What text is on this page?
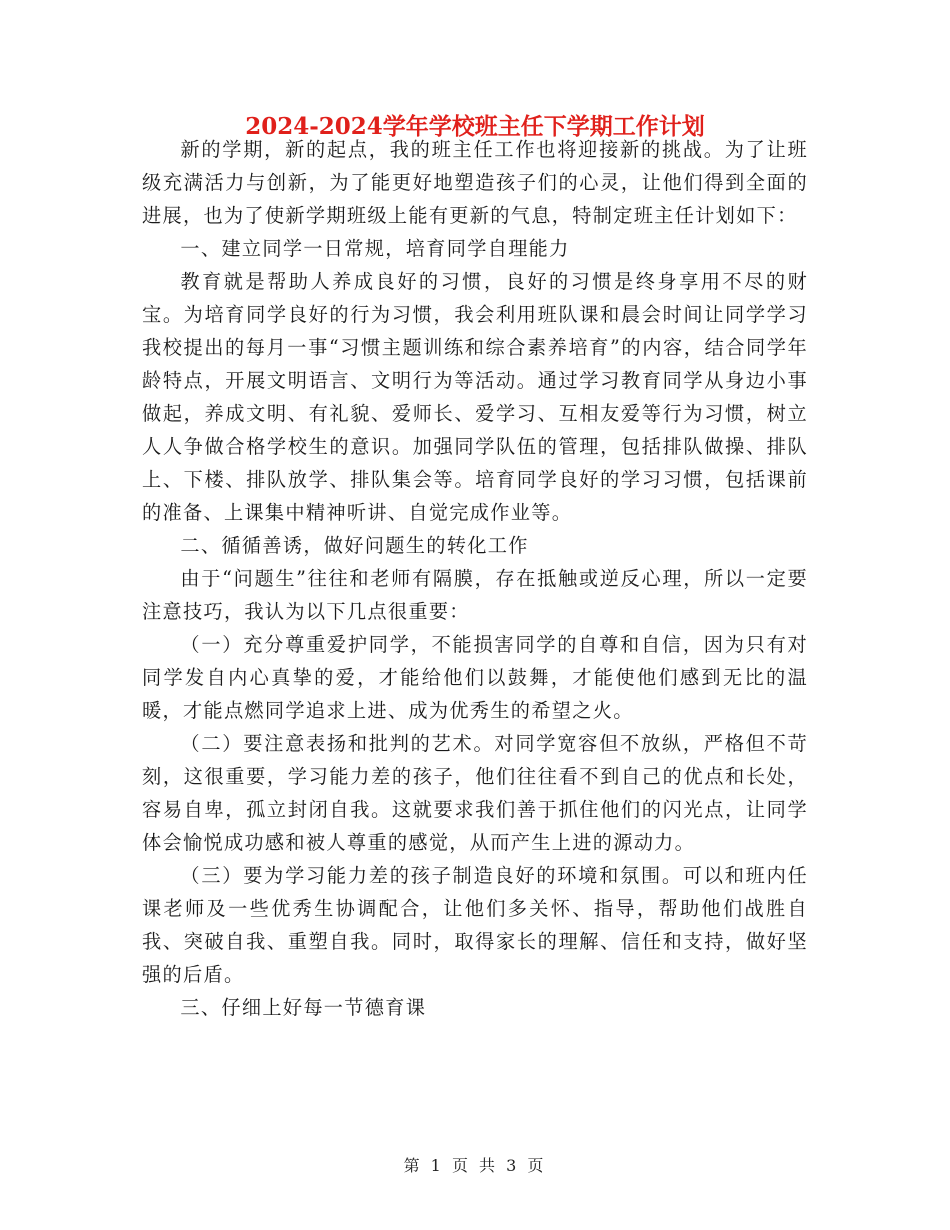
2024-2024学年学校班主任下学期工作计划

新的学期，新的起点，我的班主任工作也将迎接新的挑战。为了让班级充满活力与创新，为了能更好地塑造孩子们的心灵，让他们得到全面的进展，也为了使新学期班级上能有更新的气息，特制定班主任计划如下：

一、建立同学一日常规，培育同学自理能力

教育就是帮助人养成良好的习惯，良好的习惯是终身享用不尽的财宝。为培育同学良好的行为习惯，我会利用班队课和晨会时间让同学学习我校提出的每月一事“习惯主题训练和综合素养培育”的内容，结合同学年龄特点，开展文明语言、文明行为等活动。通过学习教育同学从身边小事做起，养成文明、有礼貌、爱师长、爱学习、互相友爱等行为习惯，树立人人争做合格学校生的意识。加强同学队伍的管理，包括排队做操、排队上、下楼、排队放学、排队集会等。培育同学良好的学习习惯，包括课前的准备、上课集中精神听讲、自觉完成作业等。

二、循循善诱，做好问题生的转化工作

由于“问题生”往往和老师有隔膜，存在抵触或逆反心理，所以一定要注意技巧，我认为以下几点很重要：

（一）充分尊重爱护同学，不能损害同学的自尊和自信，因为只有对同学发自内心真挚的爱，才能给他们以鼓舞，才能使他们感到无比的温暖，才能点燃同学追求上进、成为优秀生的希望之火。

（二）要注意表扬和批判的艺术。对同学宽容但不放纵，严格但不苛刻，这很重要，学习能力差的孩子，他们往往看不到自己的优点和长处，容易自卑，孤立封闭自我。这就要求我们善于抓住他们的闪光点，让同学体会愉悦成功感和被人尊重的感觉，从而产生上进的源动力。

（三）要为学习能力差的孩子制造良好的环境和氛围。可以和班内任课老师及一些优秀生协调配合，让他们多关怀、指导，帮助他们战胜自我、突破自我、重塑自我。同时，取得家长的理解、信任和支持，做好坚强的后盾。

三、仔细上好每一节德育课

第 1 页 共 3 页
